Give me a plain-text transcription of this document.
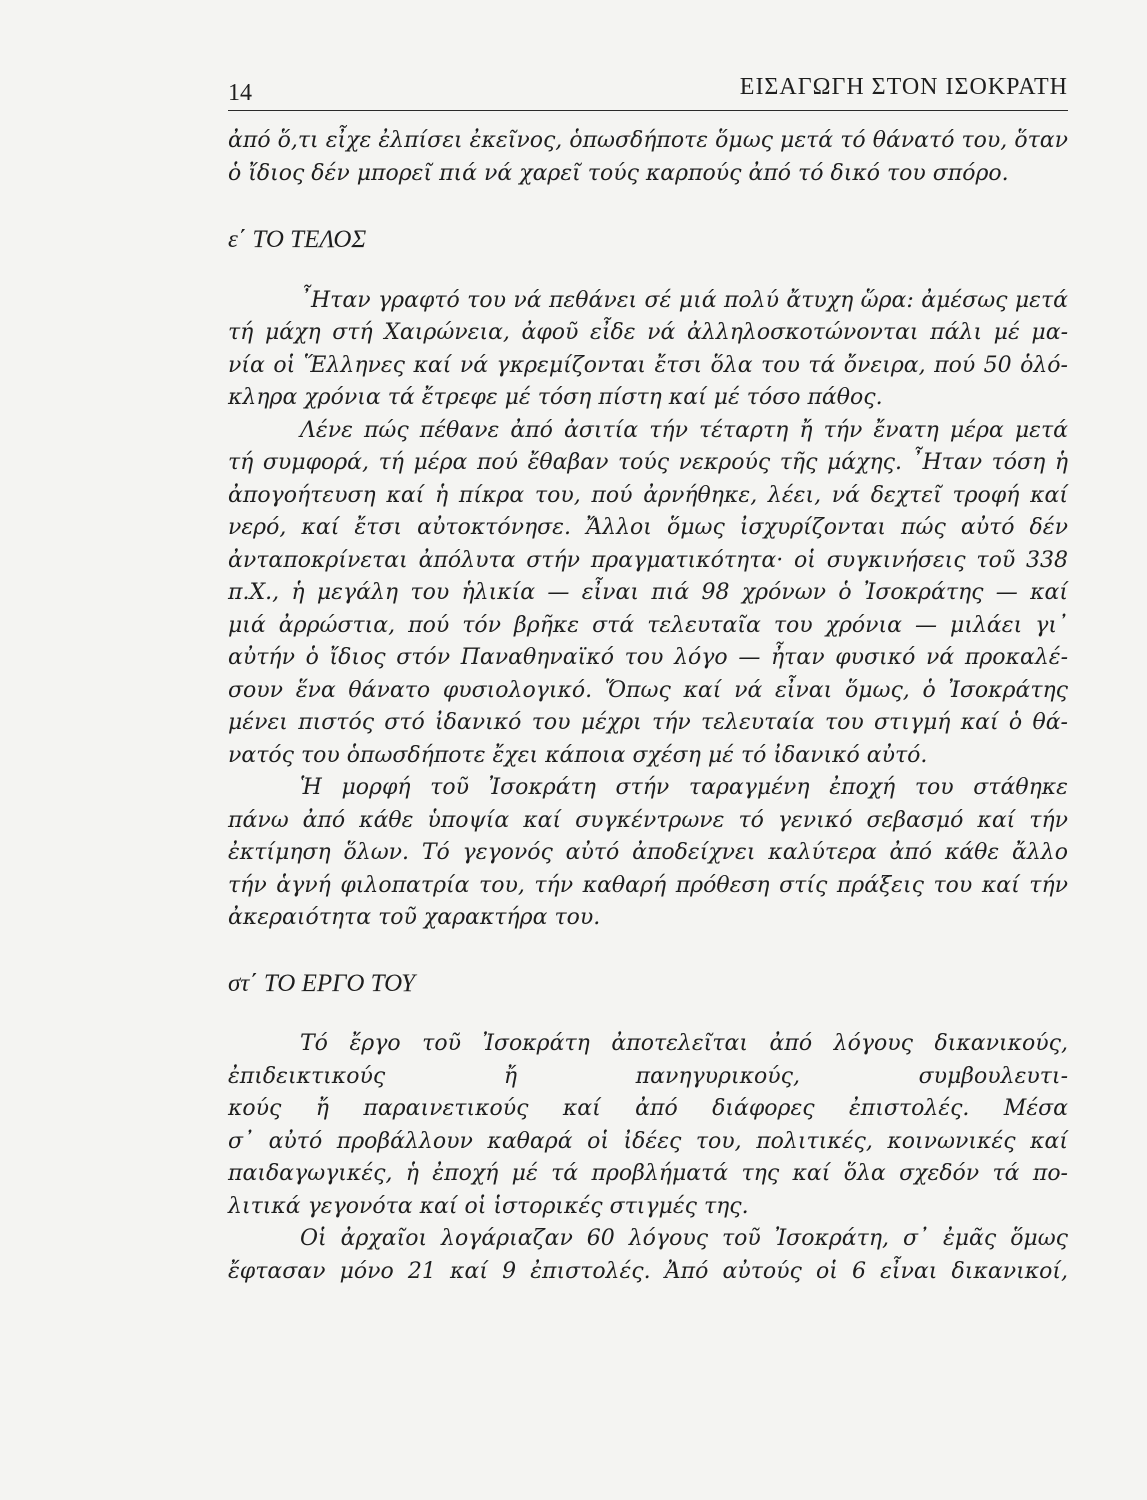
14	ΕΙΣΑΓΩΓΗ ΣΤΟΝ ΙΣΟΚΡΑΤΗ
ἀπό ὅ,τι εἶχε ἐλπίσει ἐκεῖνος, ὁπωσδήποτε ὅμως μετά τό θάνατό του, ὅταν
ὁ ἴδιος δέν μπορεῖ πιά νά χαρεῖ τούς καρπούς ἀπό τό δικό του σπόρο.
ε΄ ΤΟ ΤΕΛΟΣ
῏Ηταν γραφτό του νά πεθάνει σέ μιά πολύ ἄτυχη ὥρα: ἀμέσως μετά
τή μάχη στή Χαιρώνεια, ἀφοῦ εἶδε νά ἀλληλοσκοτώνονται πάλι μέ μα-
νία οἱ Ἕλληνες καί νά γκρεμίζονται ἔτσι ὅλα του τά ὄνειρα, πού 50 ὁλό-
κληρα χρόνια τά ἔτρεφε μέ τόση πίστη καί μέ τόσο πάθος.
Λένε πώς πέθανε ἀπό ἀσιτία τήν τέταρτη ἤ τήν ἔνατη μέρα μετά
τή συμφορά, τή μέρα πού ἔθαβαν τούς νεκρούς τῆς μάχης. ῏Ηταν τόση ἡ
ἀπογοήτευση καί ἡ πίκρα του, πού ἀρνήθηκε, λέει, νά δεχτεῖ τροφή καί
νερό, καί ἔτσι αὐτοκτόνησε. Ἄλλοι ὅμως ἰσχυρίζονται πώς αὐτό δέν
ἀνταποκρίνεται ἀπόλυτα στήν πραγματικότητα· οἱ συγκινήσεις τοῦ 338
π.Χ., ἡ μεγάλη του ἡλικία — εἶναι πιά 98 χρόνων ὁ Ἰσοκράτης — καί
μιά ἀρρώστια, πού τόν βρῆκε στά τελευταῖα του χρόνια — μιλάει γι᾽
αὐτήν ὁ ἴδιος στόν Παναθηναϊκό του λόγο — ἦταν φυσικό νά προκαλέ-
σουν ἕνα θάνατο φυσιολογικό. Ὅπως καί νά εἶναι ὅμως, ὁ Ἰσοκράτης
μένει πιστός στό ἰδανικό του μέχρι τήν τελευταία του στιγμή καί ὁ θά-
νατός του ὁπωσδήποτε ἔχει κάποια σχέση μέ τό ἰδανικό αὐτό.
Ἡ μορφή τοῦ Ἰσοκράτη στήν ταραγμένη ἐποχή του στάθηκε
πάνω ἀπό κάθε ὑποψία καί συγκέντρωνε τό γενικό σεβασμό καί τήν
ἐκτίμηση ὅλων. Τό γεγονός αὐτό ἀποδείχνει καλύτερα ἀπό κάθε ἄλλο
τήν ἁγνή φιλοπατρία του, τήν καθαρή πρόθεση στίς πράξεις του καί τήν
ἀκεραιότητα τοῦ χαρακτήρα του.
στ΄ ΤΟ ΕΡΓΟ ΤΟΥ
Τό ἔργο τοῦ Ἰσοκράτη ἀποτελεῖται ἀπό λόγους δικανικούς,
ἐπιδεικτικούς ἤ πανηγυρικούς, συμβουλευτι-
κούς ἤ παραινετικούς καί ἀπό διάφορες ἐπιστολές. Μέσα
σ᾽ αὐτό προβάλλουν καθαρά οἱ ἰδέες του, πολιτικές, κοινωνικές καί
παιδαγωγικές, ἡ ἐποχή μέ τά προβλήματά της καί ὅλα σχεδόν τά πο-
λιτικά γεγονότα καί οἱ ἱστορικές στιγμές της.
Οἱ ἀρχαῖοι λογάριαζαν 60 λόγους τοῦ Ἰσοκράτη, σ᾽ ἐμᾶς ὅμως
ἔφτασαν μόνο 21 καί 9 ἐπιστολές. Ἀπό αὐτούς οἱ 6 εἶναι δικανικοί,
